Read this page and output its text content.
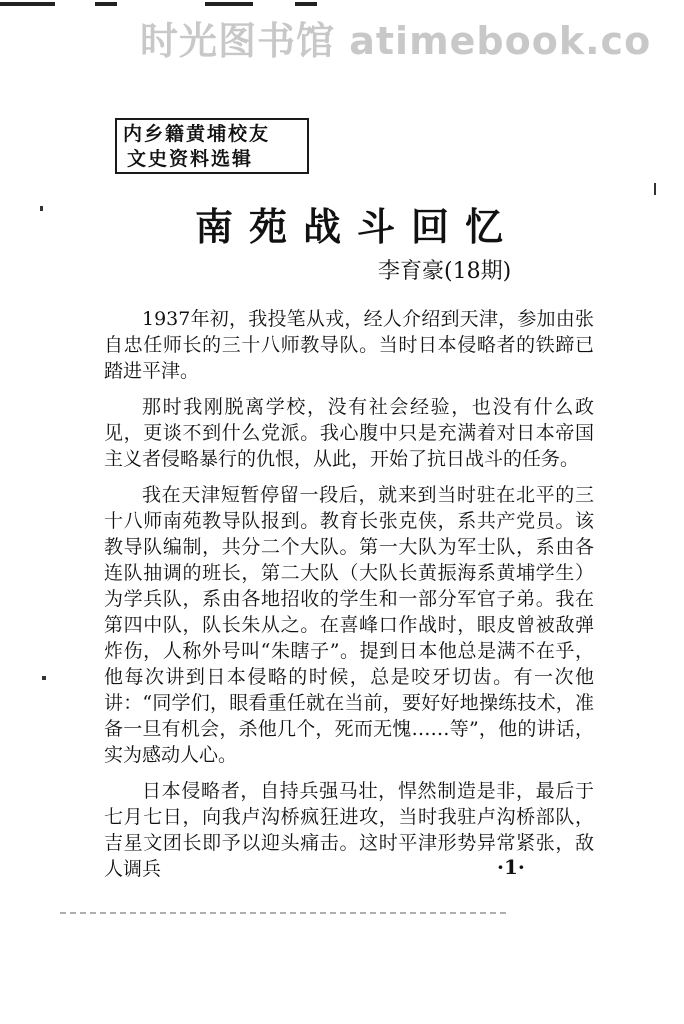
时光图书馆 atimebook.co
内乡籍黄埔校友
文史资料选辑
南苑战斗回忆
李育豪(18期)

1937年初，我投笔从戎，经人介绍到天津，参加由张自忠任师长的三十八师教导队。当时日本侵略者的铁蹄已踏进平津。

那时我刚脱离学校，没有社会经验，也没有什么政见，更谈不到什么党派。我心腹中只是充满着对日本帝国主义者侵略暴行的仇恨，从此，开始了抗日战斗的任务。

我在天津短暂停留一段后，就来到当时驻在北平的三十八师南苑教导队报到。教育长张克侠，系共产党员。该教导队编制，共分二个大队。第一大队为军士队，系由各连队抽调的班长，第二大队（大队长黄振海系黄埔学生）为学兵队，系由各地招收的学生和一部分军官子弟。我在第四中队，队长朱从之。在喜峰口作战时，眼皮曾被敌弹炸伤，人称外号叫“朱瞎子”。提到日本他总是满不在乎，他每次讲到日本侵略的时候，总是咬牙切齿。有一次他讲：“同学们，眼看重任就在当前，要好好地操练技术，准备一旦有机会，杀他几个，死而无愧……等”，他的讲话，实为感动人心。

日本侵略者，自持兵强马壮，悍然制造是非，最后于七月七日，向我卢沟桥疯狂进攻，当时我驻卢沟桥部队，吉星文团长即予以迎头痛击。这时平津形势异常紧张，敌人调兵	·1·
